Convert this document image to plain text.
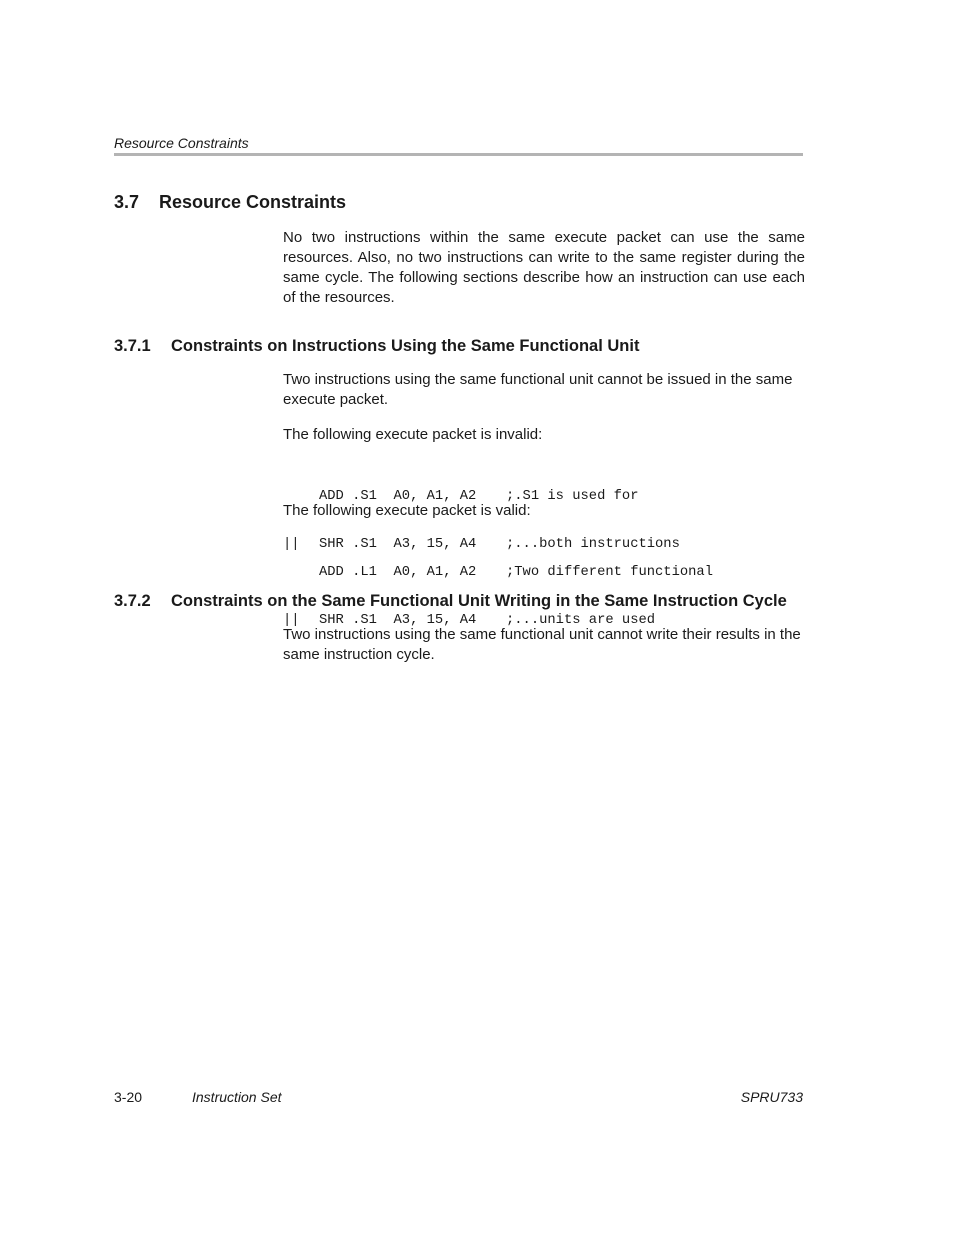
Resource Constraints
3.7 Resource Constraints
No two instructions within the same execute packet can use the same resources. Also, no two instructions can write to the same register during the same cycle. The following sections describe how an instruction can use each of the resources.
3.7.1 Constraints on Instructions Using the Same Functional Unit
Two instructions using the same functional unit cannot be issued in the same execute packet.
The following execute packet is invalid:

ADD .S1  A0, A1, A2 ;.S1 is used for

|| SHR .S1  A3, 15, A4 ;...both instructions

The following execute packet is valid:

ADD .L1  A0, A1, A2 ;Two different functional

|| SHR .S1  A3, 15, A4 ;...units are used

3.7.2 Constraints on the Same Functional Unit Writing in the Same Instruction Cycle
Two instructions using the same functional unit cannot write their results in the same instruction cycle.
3-20	Instruction Set	SPRU733
